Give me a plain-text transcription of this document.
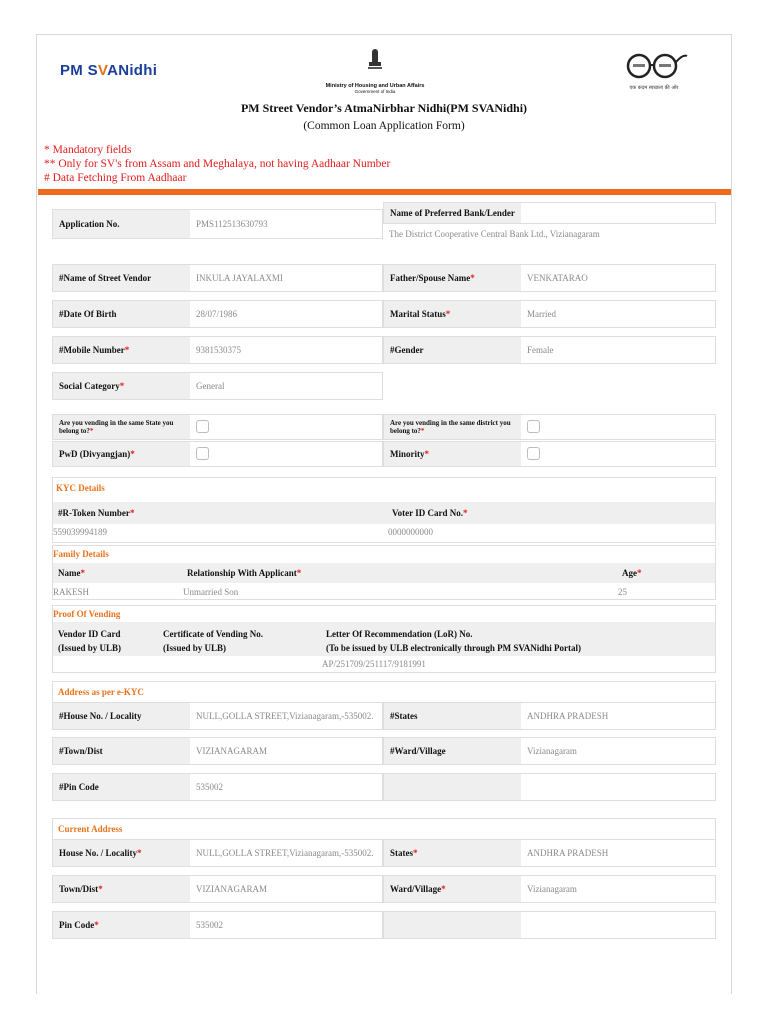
PM SVANidhi
Ministry of Housing and Urban Affairs
Government of India
एक कदम स्वच्छता की ओर
PM Street Vendor’s AtmaNirbhar Nidhi(PM SVANidhi)
(Common Loan Application Form)
* Mandatory fields
** Only for SV's from Assam and Meghalaya, not having Aadhaar Number
# Data Fetching From Aadhaar
Application No.	PMS112513630793
Name of Preferred Bank/Lender
The District Cooperative Central Bank Ltd., Vizianagaram
#Name of Street Vendor	INKULA JAYALAXMI	Father/Spouse Name *	VENKATARAO
#Date Of Birth	28/07/1986	Marital Status *	Married
#Mobile Number *	9381530375	#Gender	Female
Social Category *	General
Are you vending in the same State you belong to?*
Are you vending in the same district you belong to?*
PwD (Divyangjan) *	Minority *
KYC Details
#R-Token Number*	Voter ID Card No.*
559039994189	0000000000
Family Details
Name*	Relationship With Applicant*	Age*
RAKESH	Unmarried Son	25
Proof Of Vending
Vendor ID Card
(Issued by ULB)
Certificate of Vending No.
(Issued by ULB)
Letter Of Recommendation (LoR) No.
(To be issued by ULB electronically through PM SVANidhi Portal)
AP/251709/251117/9181991
Address as per e-KYC
#House No. / Locality	NULL,GOLLA STREET,Vizianagaram,-535002.	#States	ANDHRA PRADESH
#Town/Dist	VIZIANAGARAM	#Ward/Village	Vizianagaram
#Pin Code	535002
Current Address
House No. / Locality *	NULL,GOLLA STREET,Vizianagaram,-535002.	States *	ANDHRA PRADESH
Town/Dist *	VIZIANAGARAM	Ward/Village *	Vizianagaram
Pin Code *	535002
